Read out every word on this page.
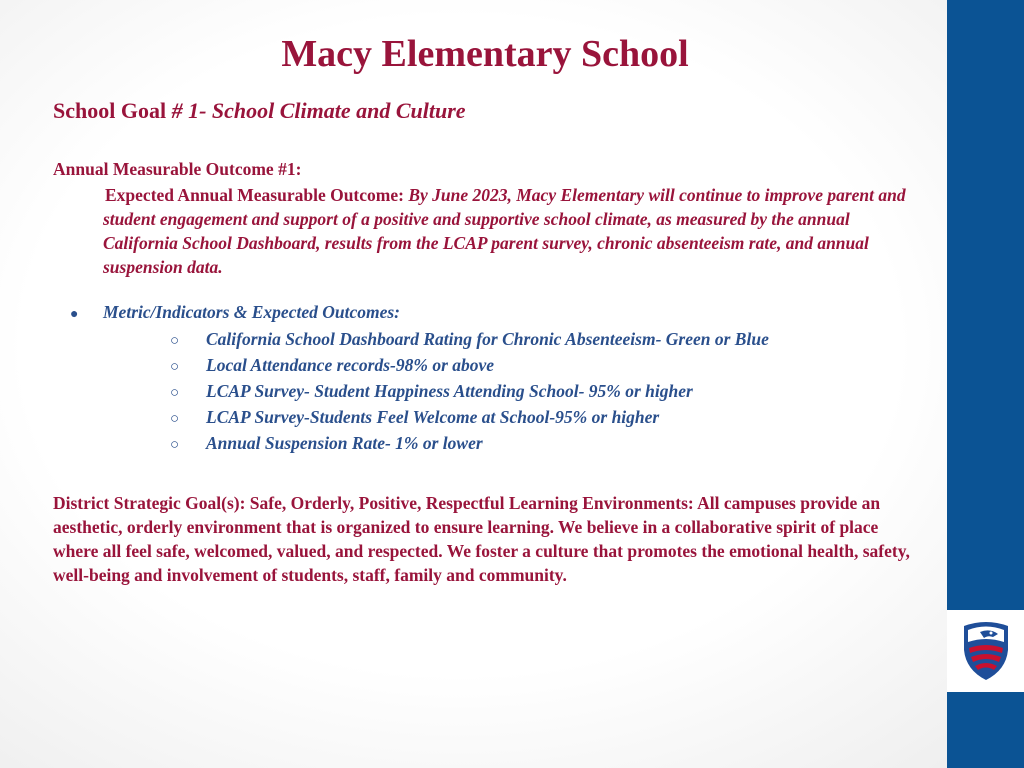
Macy Elementary School
School Goal # 1- School Climate and Culture
Annual Measurable Outcome #1:
Expected Annual Measurable Outcome: By June 2023, Macy Elementary will continue to improve parent and student engagement and support of a positive and supportive school climate, as measured by the annual California School Dashboard, results from the LCAP parent survey, chronic absenteeism rate, and annual suspension data.
● Metric/Indicators & Expected Outcomes:
○	California School Dashboard Rating for Chronic Absenteeism- Green or Blue
○	Local Attendance records-98% or above
○	LCAP Survey- Student Happiness Attending School- 95% or higher
○	LCAP Survey-Students Feel Welcome at School-95% or higher
○	Annual Suspension Rate- 1% or lower
District Strategic Goal(s): Safe, Orderly, Positive, Respectful Learning Environments: All campuses provide an aesthetic, orderly environment that is organized to ensure learning. We believe in a collaborative spirit of place where all feel safe, welcomed, valued, and respected. We foster a culture that promotes the emotional health, safety, well-being and involvement of students, staff, family and community.
